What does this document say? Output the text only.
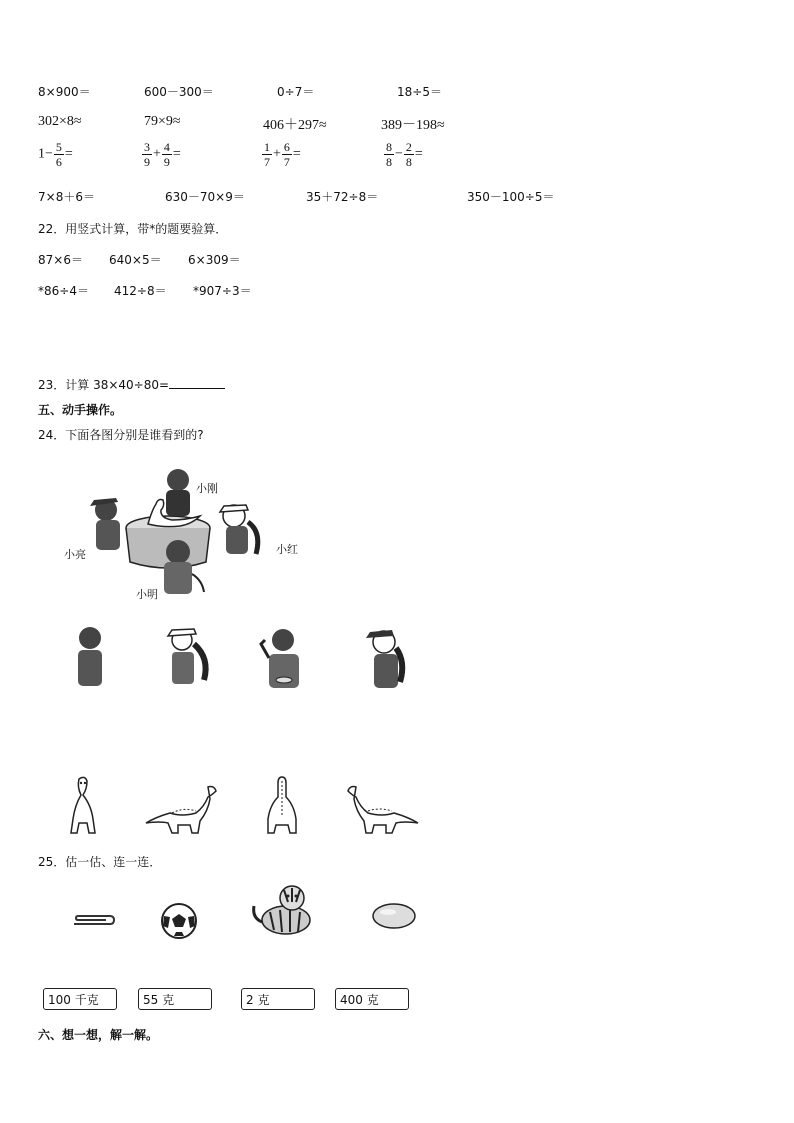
8×900＝	600－300＝	0÷7＝	18÷5＝
302×8≈	79×9≈	406＋297≈	389－198≈
$1- \frac{5}{6}$ =	$\frac{3}{9} + \frac{4}{9}$ =	$\frac{1}{7} + \frac{6}{7}$ =	$\frac{8}{8} - \frac{2}{8}$ =
7×8＋6＝	630－70×9＝	35＋72÷8＝	350－100÷5＝
22．用竖式计算，带*的题要验算．
87×6＝ 640×5＝ 6×309＝
*86÷4＝ 412÷8＝ *907÷3＝
23．计算 38×40÷80=
五、动手操作。
24．下面各图分别是谁看到的?
小刚
小亮	小红
小明
25．估一估、连一连．
100 千克	55 克	2 克	400 克
六、想一想，解一解。
